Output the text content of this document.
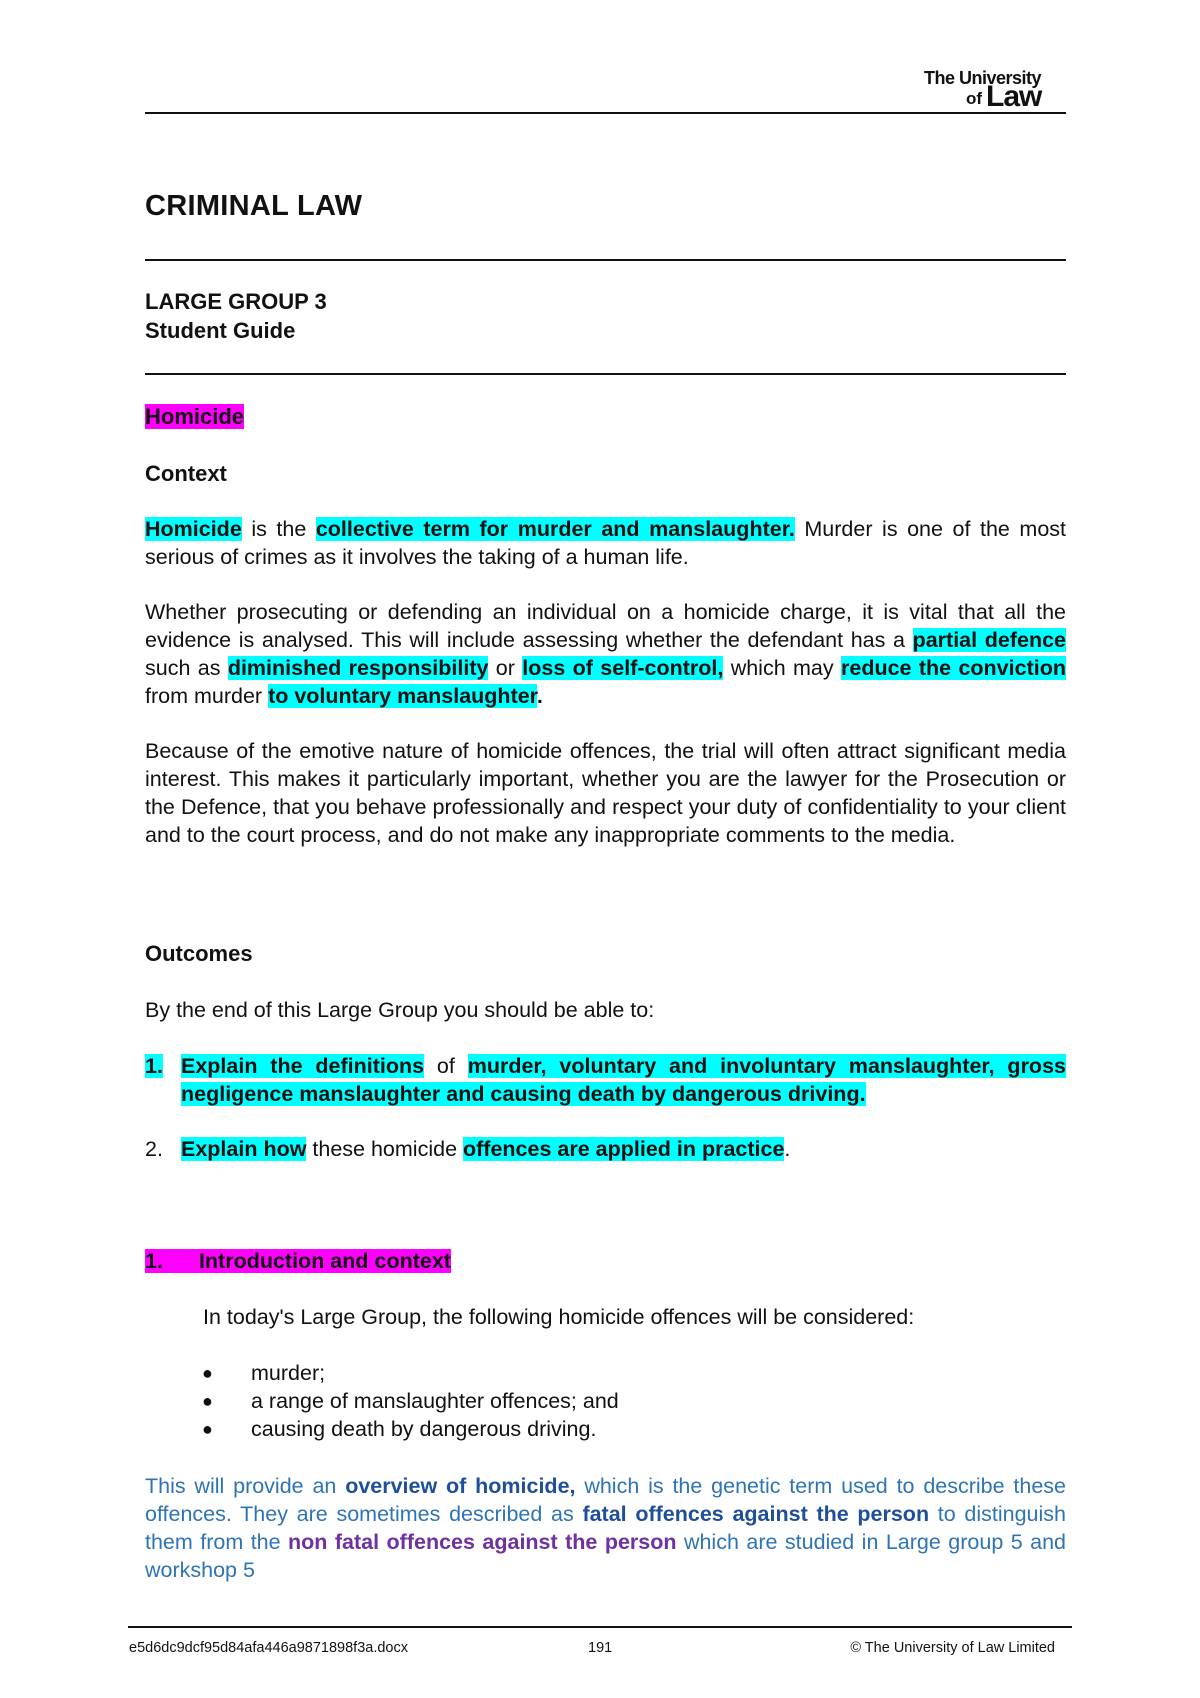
The University
of Law
CRIMINAL LAW
LARGE GROUP 3
Student Guide
Homicide
Context
Homicide is the collective term for murder and manslaughter. Murder is one of the most serious of crimes as it involves the taking of a human life.
Whether prosecuting or defending an individual on a homicide charge, it is vital that all the evidence is analysed. This will include assessing whether the defendant has a partial defence such as diminished responsibility or loss of self-control, which may reduce the conviction from murder to voluntary manslaughter.
Because of the emotive nature of homicide offences, the trial will often attract significant media interest. This makes it particularly important, whether you are the lawyer for the Prosecution or the Defence, that you behave professionally and respect your duty of confidentiality to your client and to the court process, and do not make any inappropriate comments to the media.
Outcomes
By the end of this Large Group you should be able to:
1. Explain the definitions of murder, voluntary and involuntary manslaughter, gross negligence manslaughter and causing death by dangerous driving.
2. Explain how these homicide offences are applied in practice.
1. Introduction and context
In today's Large Group, the following homicide offences will be considered:
● murder;
● a range of manslaughter offences; and
● causing death by dangerous driving.
This will provide an overview of homicide, which is the genetic term used to describe these offences. They are sometimes described as fatal offences against the person to distinguish them from the non fatal offences against the person which are studied in Large group 5 and workshop 5
e5d6dc9dcf95d84afa446a9871898f3a.docx	191	© The University of Law Limited
